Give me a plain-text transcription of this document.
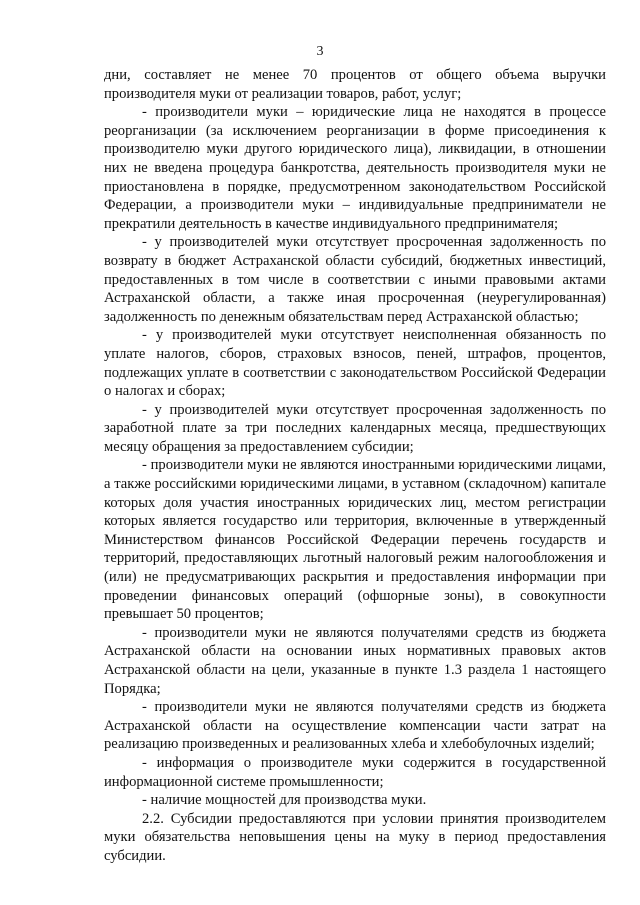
3

дни, составляет не менее 70 процентов от общего объема выручки производителя муки от реализации товаров, работ, услуг;

- производители муки – юридические лица не находятся в процессе реорганизации (за исключением реорганизации в форме присоединения к производителю муки другого юридического лица), ликвидации, в отношении них не введена процедура банкротства, деятельность производителя муки не приостановлена в порядке, предусмотренном законодательством Российской Федерации, а производители муки – индивидуальные предприниматели не прекратили деятельность в качестве индивидуального предпринимателя;

- у производителей муки отсутствует просроченная задолженность по возврату в бюджет Астраханской области субсидий, бюджетных инвестиций, предоставленных в том числе в соответствии с иными правовыми актами Астраханской области, а также иная просроченная (неурегулированная) задолженность по денежным обязательствам перед Астраханской областью;

- у производителей муки отсутствует неисполненная обязанность по уплате налогов, сборов, страховых взносов, пеней, штрафов, процентов, подлежащих уплате в соответствии с законодательством Российской Федерации о налогах и сборах;

- у производителей муки отсутствует просроченная задолженность по заработной плате за три последних календарных месяца, предшествующих месяцу обращения за предоставлением субсидии;

- производители муки не являются иностранными юридическими лицами, а также российскими юридическими лицами, в уставном (складочном) капитале которых доля участия иностранных юридических лиц, местом регистрации которых является государство или территория, включенные в утвержденный Министерством финансов Российской Федерации перечень государств и территорий, предоставляющих льготный налоговый режим налогообложения и (или) не предусматривающих раскрытия и предоставления информации при проведении финансовых операций (офшорные зоны), в совокупности превышает 50 процентов;

- производители муки не являются получателями средств из бюджета Астраханской области на основании иных нормативных правовых актов Астраханской области на цели, указанные в пункте 1.3 раздела 1 настоящего Порядка;

- производители муки не являются получателями средств из бюджета Астраханской области на осуществление компенсации части затрат на реализацию произведенных и реализованных хлеба и хлебобулочных изделий;

- информация о производителе муки содержится в государственной информационной системе промышленности;

- наличие мощностей для производства муки.

2.2. Субсидии предоставляются при условии принятия производителем муки обязательства неповышения цены на муку в период предоставления субсидии.
